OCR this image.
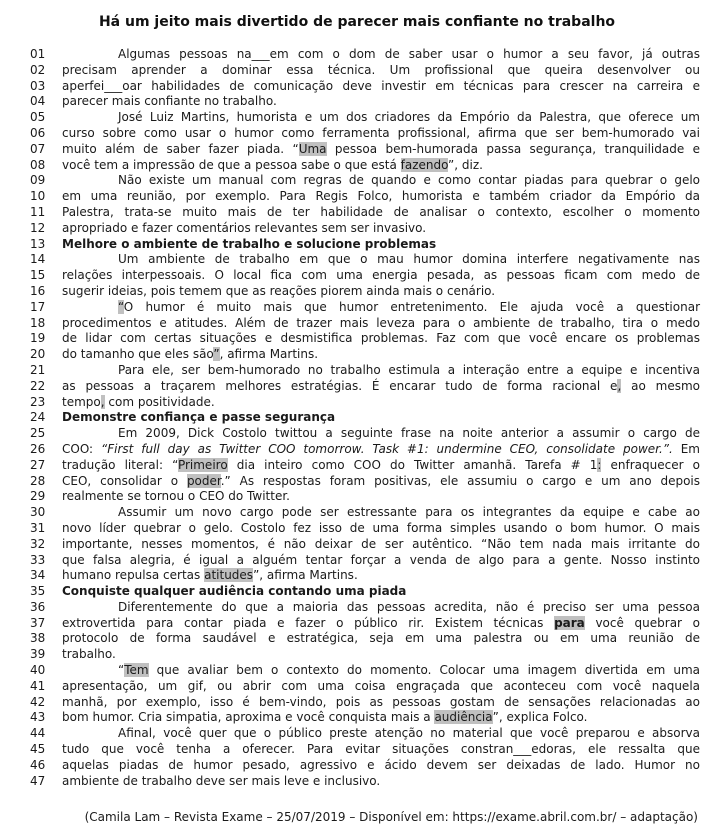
Há um jeito mais divertido de parecer mais confiante no trabalho
01	Algumas pessoas na___em com o dom de saber usar o humor a seu favor, já outras
02	precisam aprender a dominar essa técnica. Um profissional que queira desenvolver ou
03	aperfei___oar habilidades de comunicação deve investir em técnicas para crescer na carreira e
04	parecer mais confiante no trabalho.
05	José Luiz Martins, humorista e um dos criadores da Empório da Palestra, que oferece um
06	curso sobre como usar o humor como ferramenta profissional, afirma que ser bem-humorado vai
07	muito além de saber fazer piada. “Uma pessoa bem-humorada passa segurança, tranquilidade e
08	você tem a impressão de que a pessoa sabe o que está fazendo”, diz.
09	Não existe um manual com regras de quando e como contar piadas para quebrar o gelo
10	em uma reunião, por exemplo. Para Regis Folco, humorista e também criador da Empório da
11	Palestra, trata-se muito mais de ter habilidade de analisar o contexto, escolher o momento
12	apropriado e fazer comentários relevantes sem ser invasivo.
13	Melhore o ambiente de trabalho e solucione problemas
14	Um ambiente de trabalho em que o mau humor domina interfere negativamente nas
15	relações interpessoais. O local fica com uma energia pesada, as pessoas ficam com medo de
16	sugerir ideias, pois temem que as reações piorem ainda mais o cenário.
17	“O humor é muito mais que humor entretenimento. Ele ajuda você a questionar
18	procedimentos e atitudes. Além de trazer mais leveza para o ambiente de trabalho, tira o medo
19	de lidar com certas situações e desmistifica problemas. Faz com que você encare os problemas
20	do tamanho que eles são”, afirma Martins.
21	Para ele, ser bem-humorado no trabalho estimula a interação entre a equipe e incentiva
22	as pessoas a traçarem melhores estratégias. É encarar tudo de forma racional e, ao mesmo
23	tempo, com positividade.
24	Demonstre confiança e passe segurança
25	Em 2009, Dick Costolo twittou a seguinte frase na noite anterior a assumir o cargo de
26	COO: “First full day as Twitter COO tomorrow. Task #1: undermine CEO, consolidate power.”. Em
27	tradução literal: “Primeiro dia inteiro como COO do Twitter amanhã. Tarefa # 1: enfraquecer o
28	CEO, consolidar o poder.” As respostas foram positivas, ele assumiu o cargo e um ano depois
29	realmente se tornou o CEO do Twitter.
30	Assumir um novo cargo pode ser estressante para os integrantes da equipe e cabe ao
31	novo líder quebrar o gelo. Costolo fez isso de uma forma simples usando o bom humor. O mais
32	importante, nesses momentos, é não deixar de ser autêntico. “Não tem nada mais irritante do
33	que falsa alegria, é igual a alguém tentar forçar a venda de algo para a gente. Nosso instinto
34	humano repulsa certas atitudes”, afirma Martins.
35	Conquiste qualquer audiência contando uma piada
36	Diferentemente do que a maioria das pessoas acredita, não é preciso ser uma pessoa
37	extrovertida para contar piada e fazer o público rir. Existem técnicas para você quebrar o
38	protocolo de forma saudável e estratégica, seja em uma palestra ou em uma reunião de
39	trabalho.
40	“Tem que avaliar bem o contexto do momento. Colocar uma imagem divertida em uma
41	apresentação, um gif, ou abrir com uma coisa engraçada que aconteceu com você naquela
42	manhã, por exemplo, isso é bem-vindo, pois as pessoas gostam de sensações relacionadas ao
43	bom humor. Cria simpatia, aproxima e você conquista mais a audiência”, explica Folco.
44	Afinal, você quer que o público preste atenção no material que você preparou e absorva
45	tudo que você tenha a oferecer. Para evitar situações constran___edoras, ele ressalta que
46	aquelas piadas de humor pesado, agressivo e ácido devem ser deixadas de lado. Humor no
47	ambiente de trabalho deve ser mais leve e inclusivo.
(Camila Lam – Revista Exame – 25/07/2019 – Disponível em: https://exame.abril.com.br/ – adaptação)
